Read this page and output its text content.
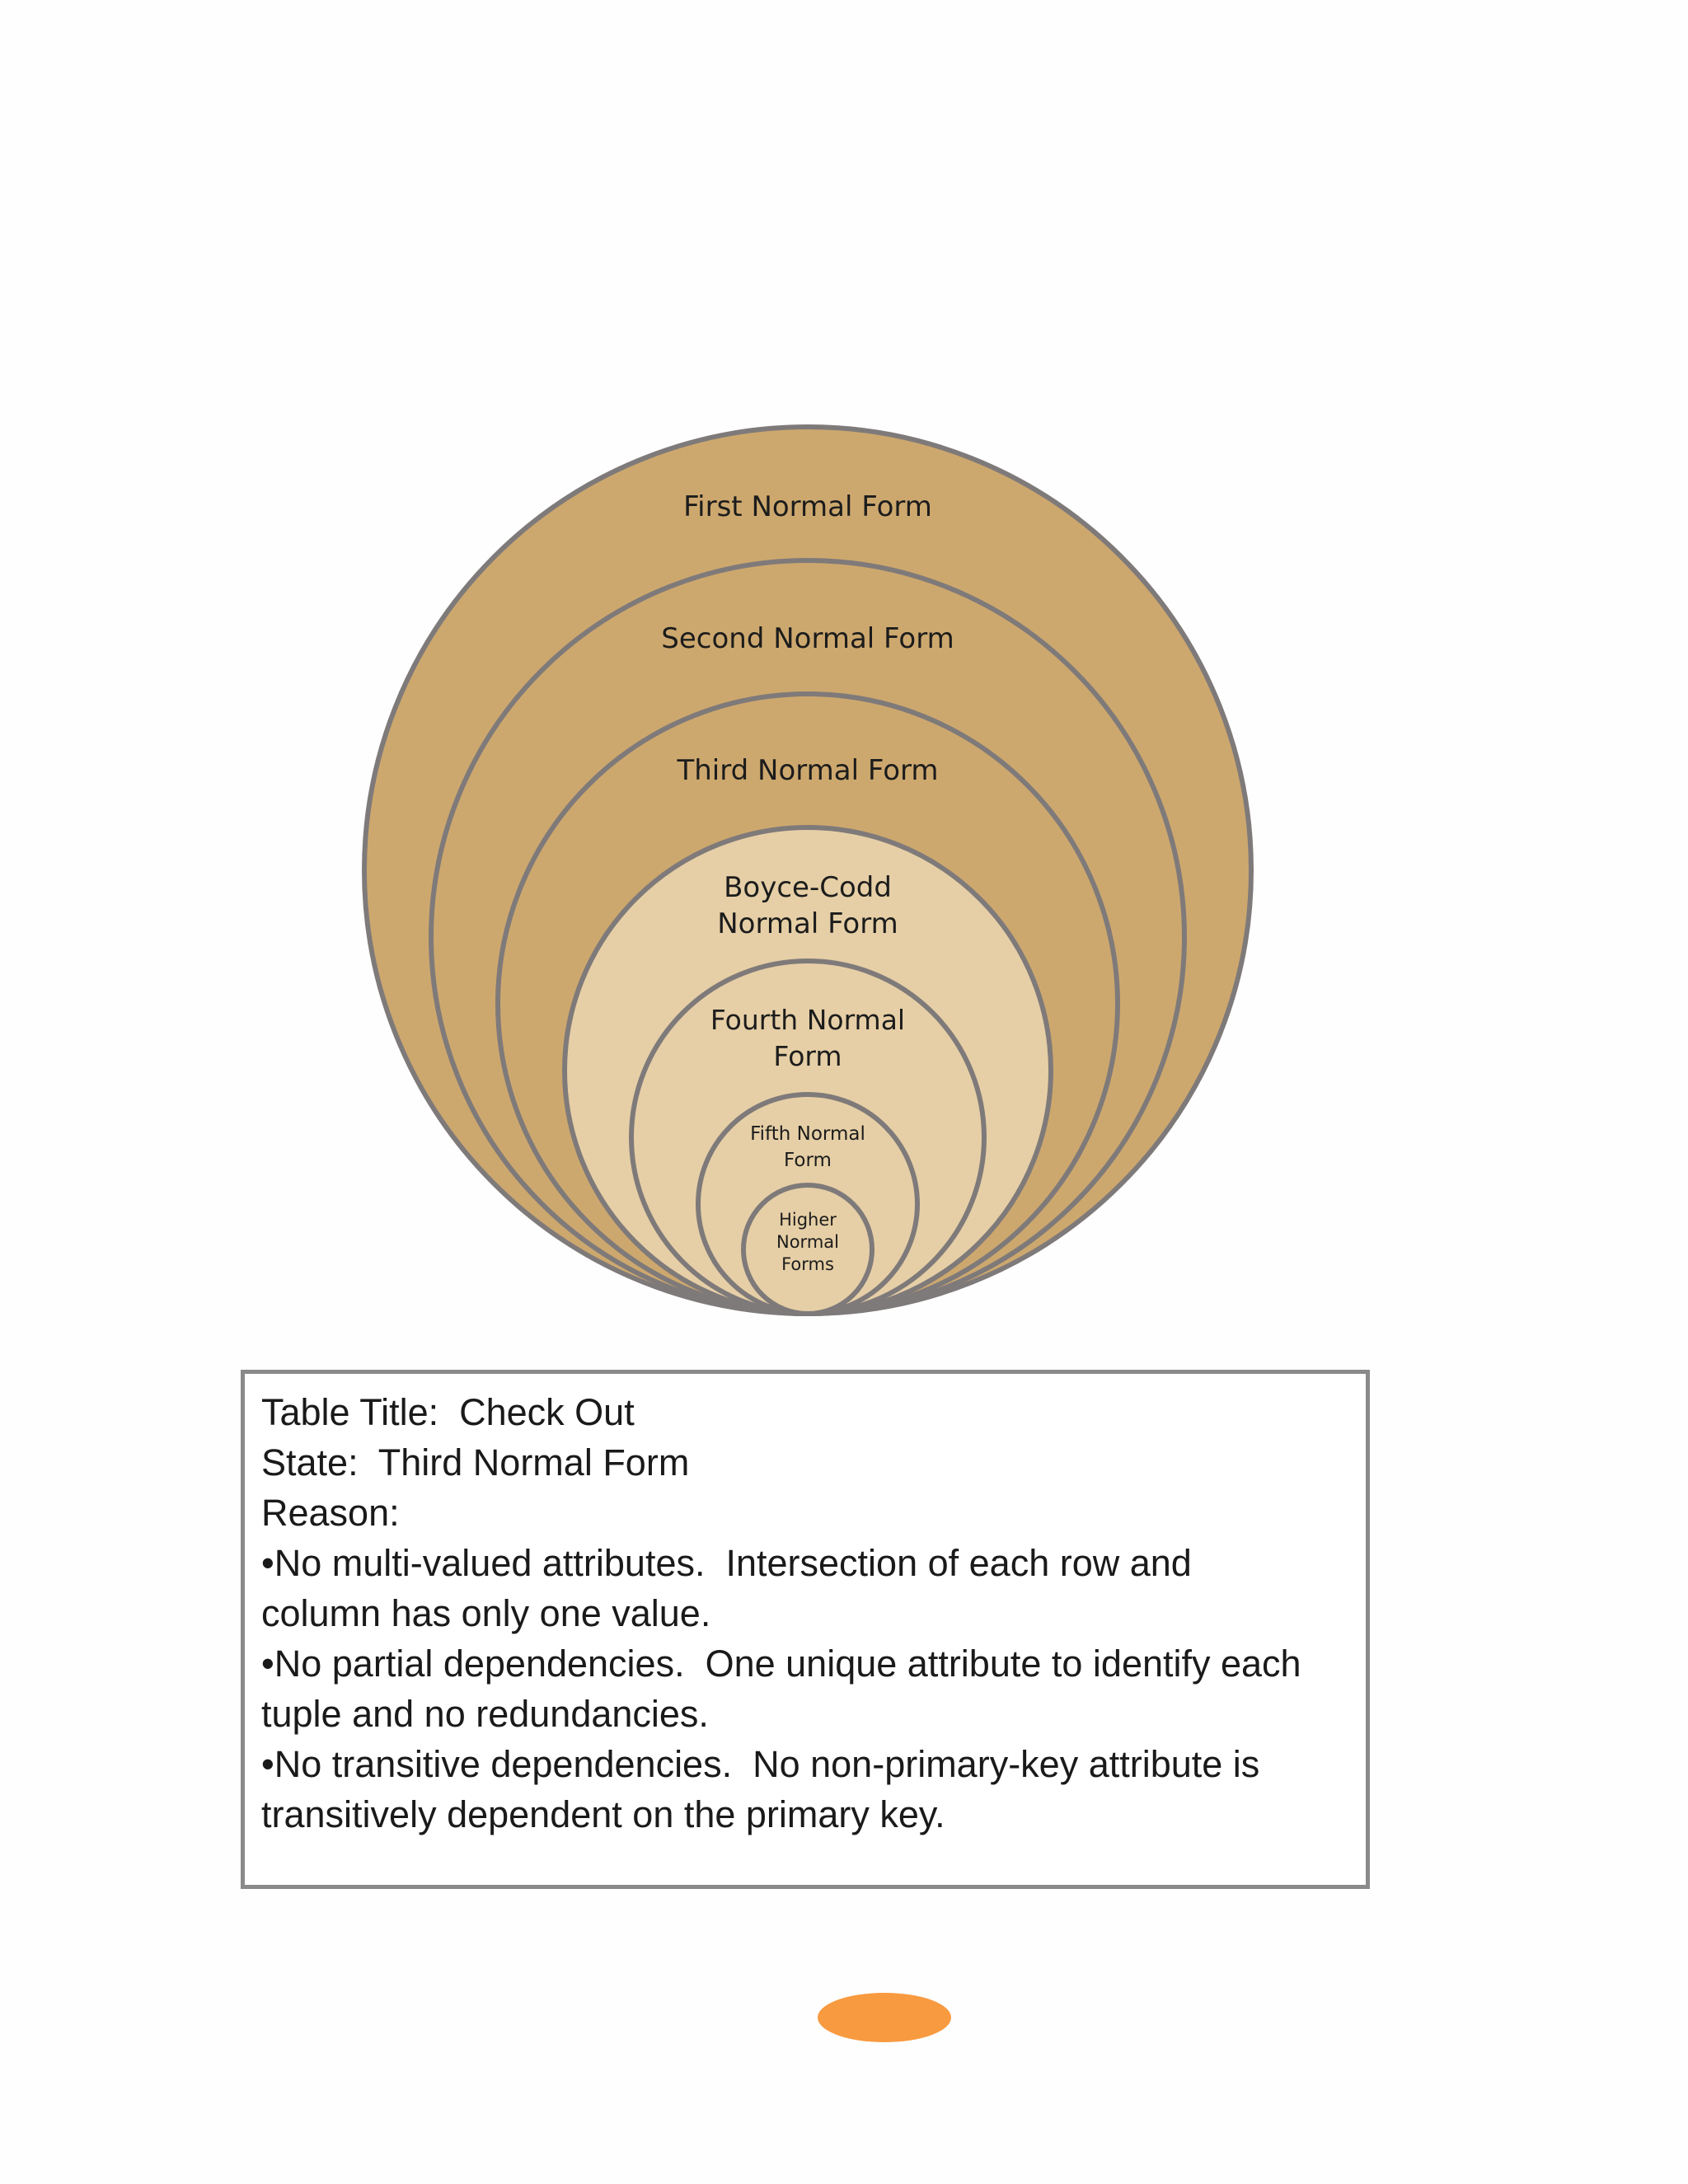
First Normal Form
Second Normal Form
Third Normal Form
Boyce-Codd Normal Form
Fourth Normal Form
Fifth Normal Form
Higher Normal Forms
Table Title:  Check Out
State:  Third Normal Form
Reason:
•No multi-valued attributes.  Intersection of each row and
column has only one value.
•No partial dependencies.  One unique attribute to identify each
tuple and no redundancies.
•No transitive dependencies.  No non-primary-key attribute is
transitively dependent on the primary key.
